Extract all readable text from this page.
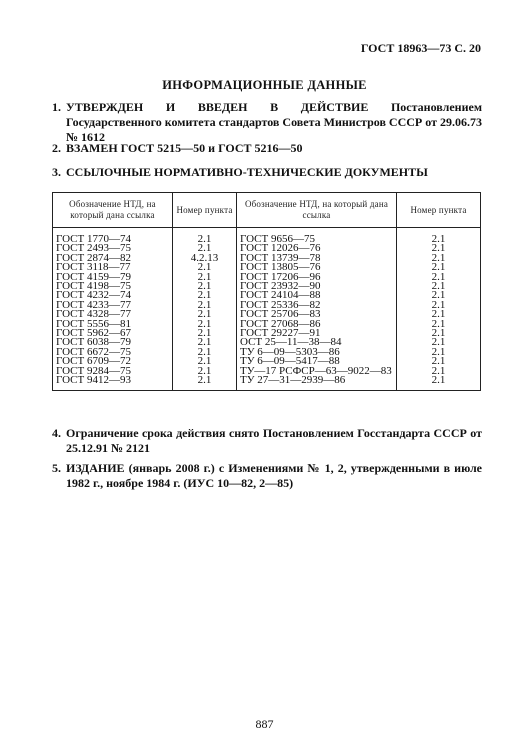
ГОСТ 18963—73 С. 20
ИНФОРМАЦИОННЫЕ ДАННЫЕ
1. УТВЕРЖДЕН И ВВЕДЕН В ДЕЙСТВИЕ Постановлением Государственного комитета стандартов Совета Министров СССР от 29.06.73 № 1612
2. ВЗАМЕН ГОСТ 5215—50 и ГОСТ 5216—50
3. ССЫЛОЧНЫЕ НОРМАТИВНО-ТЕХНИЧЕСКИЕ ДОКУМЕНТЫ
Обозначение НТД, на который дана ссылка	Номер пункта	Обозначение НТД, на который дана ссылка	Номер пункта
ГОСТ 1770—74	2.1	ГОСТ 9656—75	2.1
ГОСТ 2493—75	2.1	ГОСТ 12026—76	2.1
ГОСТ 2874—82	4.2.13	ГОСТ 13739—78	2.1
ГОСТ 3118—77	2.1	ГОСТ 13805—76	2.1
ГОСТ 4159—79	2.1	ГОСТ 17206—96	2.1
ГОСТ 4198—75	2.1	ГОСТ 23932—90	2.1
ГОСТ 4232—74	2.1	ГОСТ 24104—88	2.1
ГОСТ 4233—77	2.1	ГОСТ 25336—82	2.1
ГОСТ 4328—77	2.1	ГОСТ 25706—83	2.1
ГОСТ 5556—81	2.1	ГОСТ 27068—86	2.1
ГОСТ 5962—67	2.1	ГОСТ 29227—91	2.1
ГОСТ 6038—79	2.1	ОСТ 25—11—38—84	2.1
ГОСТ 6672—75	2.1	ТУ 6—09—5303—86	2.1
ГОСТ 6709—72	2.1	ТУ 6—09—5417—88	2.1
ГОСТ 9284—75	2.1	ТУ—17 РСФСР—63—9022—83	2.1
ГОСТ 9412—93	2.1	ТУ 27—31—2939—86	2.1
4. Ограничение срока действия снято Постановлением Госстандарта СССР от 25.12.91 № 2121
5. ИЗДАНИЕ (январь 2008 г.) с Изменениями № 1, 2, утвержденными в июле 1982 г., ноябре 1984 г. (ИУС 10—82, 2—85)
887
